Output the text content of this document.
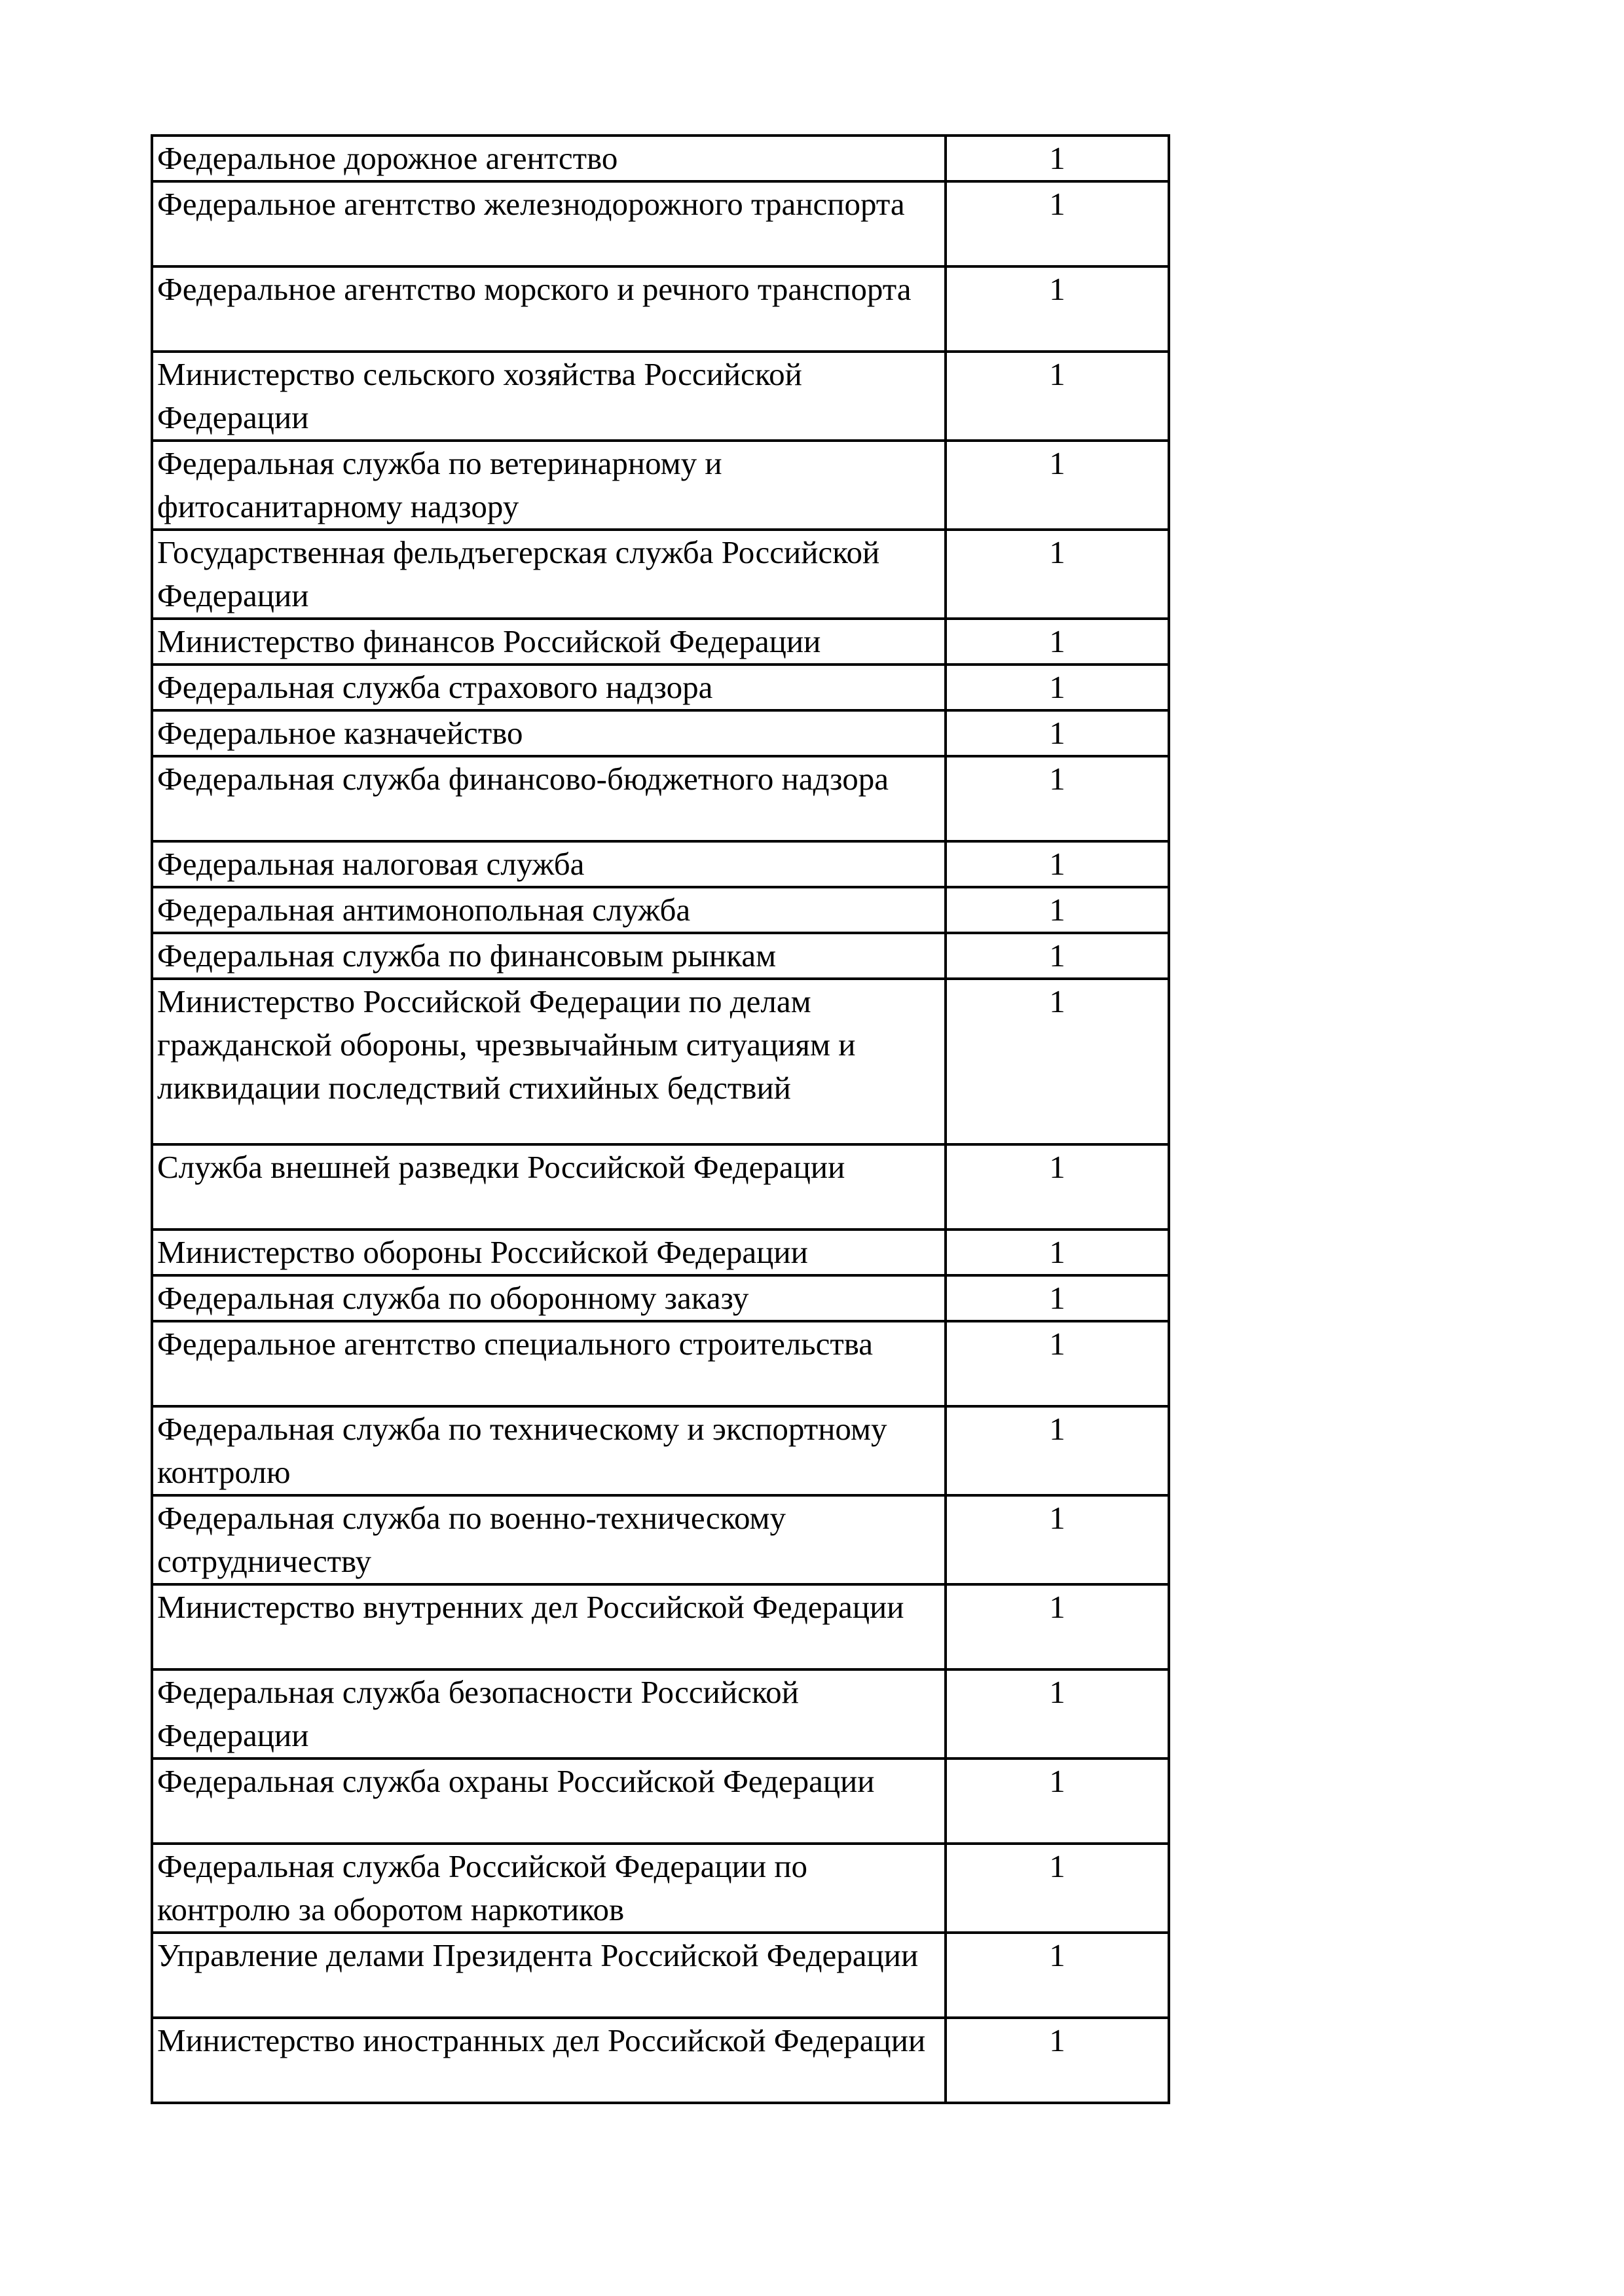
Федеральное дорожное агентство	1
Федеральное агентство железнодорожного транспорта	1
Федеральное агентство морского и речного транспорта	1
Министерство сельского хозяйства Российской Федерации	1
Федеральная служба по ветеринарному и фитосанитарному надзору	1
Государственная фельдъегерская служба Российской Федерации	1
Министерство финансов Российской Федерации	1
Федеральная служба страхового надзора	1
Федеральное казначейство	1
Федеральная служба финансово-бюджетного надзора	1
Федеральная налоговая служба	1
Федеральная антимонопольная служба	1
Федеральная служба по финансовым рынкам	1
Министерство Российской Федерации по делам гражданской обороны, чрезвычайным ситуациям и ликвидации последствий стихийных бедствий	1
Служба внешней разведки Российской Федерации	1
Министерство обороны Российской Федерации	1
Федеральная служба по оборонному заказу	1
Федеральное агентство специального строительства	1
Федеральная служба по техническому и экспортному контролю	1
Федеральная служба по военно-техническому сотрудничеству	1
Министерство внутренних дел Российской Федерации	1
Федеральная служба безопасности Российской Федерации	1
Федеральная служба охраны Российской Федерации	1
Федеральная служба Российской Федерации по контролю за оборотом наркотиков	1
Управление делами Президента Российской Федерации	1
Министерство иностранных дел Российской Федерации	1
